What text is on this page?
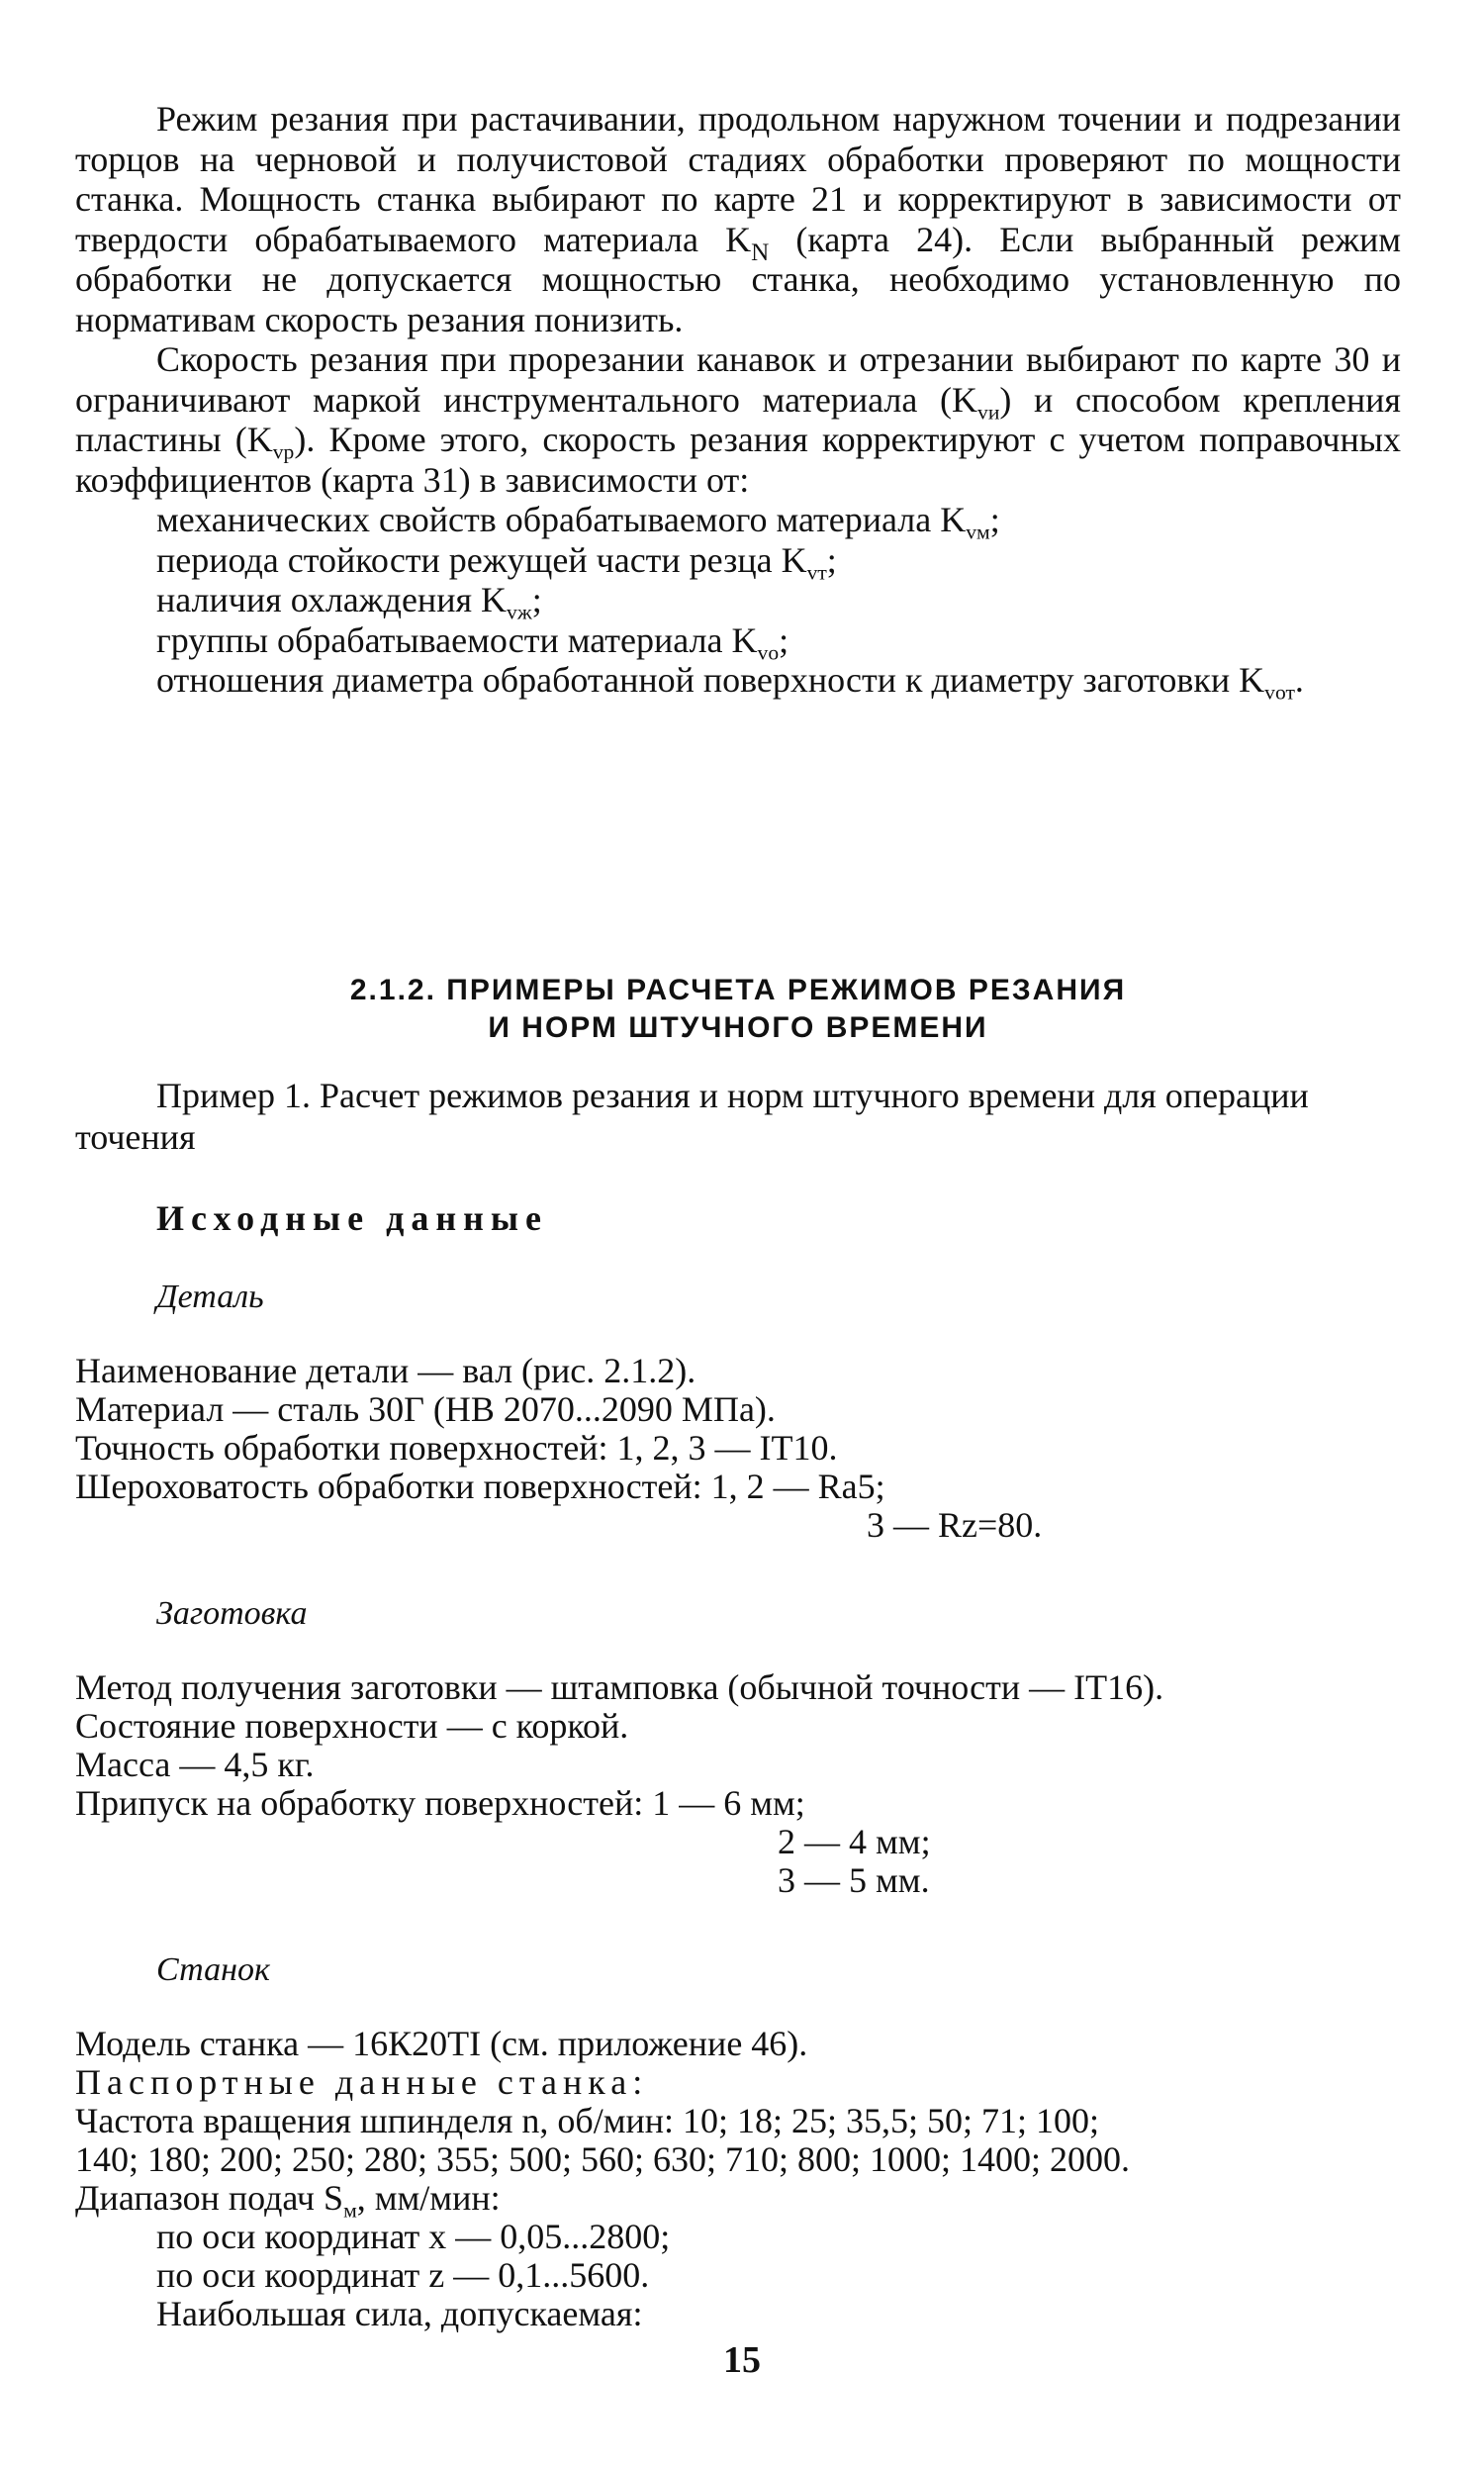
Режим резания при растачивании, продольном наружном точении и подрезании торцов на черновой и получистовой стадиях обработки проверяют по мощности станка. Мощность станка выбирают по карте 21 и корректируют в зависимости от твердости обрабатываемого материала $K_N$ (карта 24). Если выбранный режим обработки не допускается мощностью станка, необходимо установленную по нормативам скорость резания понизить.

Скорость резания при прорезании канавок и отрезании выбирают по карте 30 и ограничивают маркой инструментального материала $(K_{vи})$ и способом крепления пластины $(K_{vр})$. Кроме этого, скорость резания корректируют с учетом поправочных коэффициентов (карта 31) в зависимости от:

механических свойств обрабатываемого материала $K_{vм}$;

периода стойкости режущей части резца $K_{vт}$;

наличия охлаждения $K_{vж}$;

группы обрабатываемости материала $K_{vо}$;

отношения диаметра обработанной поверхности к диаметру заготовки $K_{vот}$.

2.1.2. ПРИМЕРЫ РАСЧЕТА РЕЖИМОВ РЕЗАНИЯ
И НОРМ ШТУЧНОГО ВРЕМЕНИ
Пример 1. Расчет режимов резания и норм штучного времени для операции точения
Исходные данные
Деталь
Наименование детали — вал (рис. 2.1.2).
Материал — сталь 30Г (НВ 2070...2090 МПа).
Точность обработки поверхностей: 1, 2, 3 — IT10.
Шероховатость обработки поверхностей: 1, 2 — Ra5;
3 — Rz=80.
Заготовка
Метод получения заготовки — штамповка (обычной точности — IT16).
Состояние поверхности — с коркой.
Масса — 4,5 кг.
Припуск на обработку поверхностей: 1 — 6 мм;
2 — 4 мм;
3 — 5 мм.
Станок
Модель станка — 16К20ТI (см. приложение 46).
Паспортные данные станка:
Частота вращения шпинделя n, об/мин: 10; 18; 25; 35,5; 50; 71; 100;
140; 180; 200; 250; 280; 355; 500; 560; 630; 710; 800; 1000; 1400; 2000.
Диапазон подач $S_м$, мм/мин:
по оси координат x — 0,05...2800;
по оси координат z — 0,1...5600.
Наибольшая сила, допускаемая:
15
